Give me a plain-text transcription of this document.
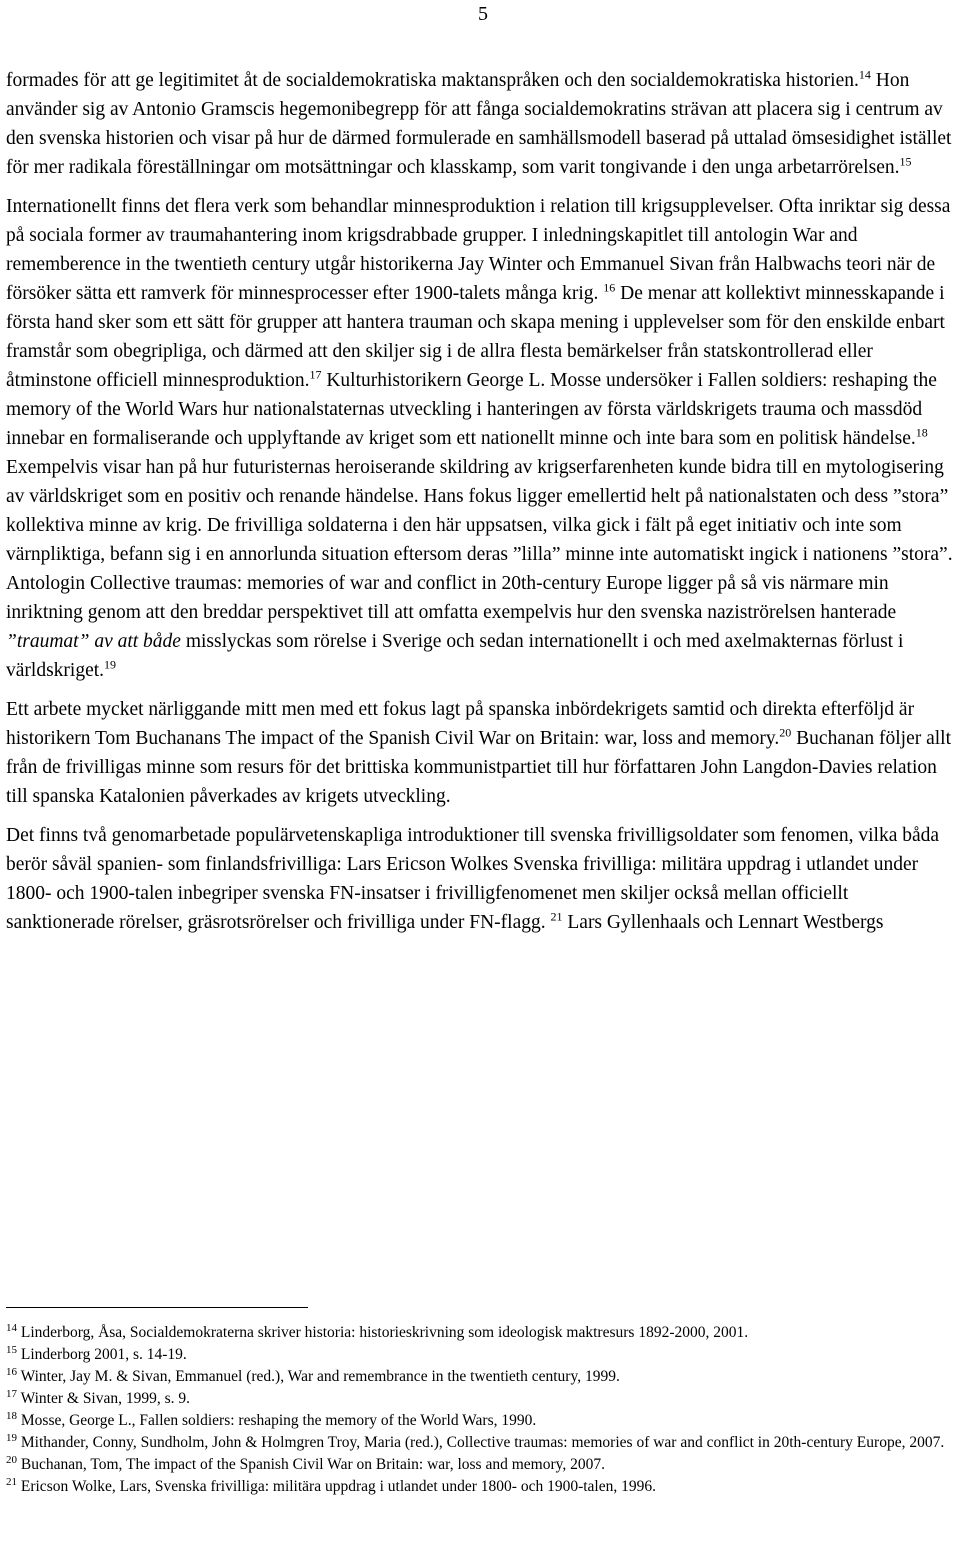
5
formades för att ge legitimitet åt de socialdemokratiska maktanspråken och den socialdemokratiska historien.$^{14}$ Hon använder sig av Antonio Gramscis hegemonibegrepp för att fånga socialdemokratins strävan att placera sig i centrum av den svenska historien och visar på hur de därmed formulerade en samhällsmodell baserad på uttalad ömsesidighet istället för mer radikala föreställningar om motsättningar och klasskamp, som varit tongivande i den unga arbetarrörelsen.$^{15}$
Internationellt finns det flera verk som behandlar minnesproduktion i relation till krigsupplevelser. Ofta inriktar sig dessa på sociala former av traumahantering inom krigsdrabbade grupper. I inledningskapitlet till antologin War and rememberence in the twentieth century utgår historikerna Jay Winter och Emmanuel Sivan från Halbwachs teori när de försöker sätta ett ramverk för minnesprocesser efter 1900-talets många krig. $^{16}$ De menar att kollektivt minnesskapande i första hand sker som ett sätt för grupper att hantera trauman och skapa mening i upplevelser som för den enskilde enbart framstår som obegripliga, och därmed att den skiljer sig i de allra flesta bemärkelser från statskontrollerad eller åtminstone officiell minnesproduktion.$^{17}$ Kulturhistorikern George L. Mosse undersöker i Fallen soldiers: reshaping the memory of the World Wars hur nationalstaternas utveckling i hanteringen av första världskrigets trauma och massdöd innebar en formaliserande och upplyftande av kriget som ett nationellt minne och inte bara som en politisk händelse.$^{18}$ Exempelvis visar han på hur futuristernas heroiserande skildring av krigserfarenheten kunde bidra till en mytologisering av världskriget som en positiv och renande händelse. Hans fokus ligger emellertid helt på nationalstaten och dess ”stora” kollektiva minne av krig. De frivilliga soldaterna i den här uppsatsen, vilka gick i fält på eget initiativ och inte som värnpliktiga, befann sig i en annorlunda situation eftersom deras ”lilla” minne inte automatiskt ingick i nationens ”stora”. Antologin Collective traumas: memories of war and conflict in 20th-century Europe ligger på så vis närmare min inriktning genom att den breddar perspektivet till att omfatta exempelvis hur den svenska naziströrelsen hanterade ”traumat” av att både misslyckas som rörelse i Sverige och sedan internationellt i och med axelmakternas förlust i världskriget.$^{19}$
Ett arbete mycket närliggande mitt men med ett fokus lagt på spanska inbördekrigets samtid och direkta efterföljd är historikern Tom Buchanans The impact of the Spanish Civil War on Britain: war, loss and memory.$^{20}$ Buchanan följer allt från de frivilligas minne som resurs för det brittiska kommunistpartiet till hur författaren John Langdon-Davies relation till spanska Katalonien påverkades av krigets utveckling.
Det finns två genomarbetade populärvetenskapliga introduktioner till svenska frivilligsoldater som fenomen, vilka båda berör såväl spanien- som finlandsfrivilliga: Lars Ericson Wolkes Svenska frivilliga: militära uppdrag i utlandet under 1800- och 1900-talen inbegriper svenska FN-insatser i frivilligfenomenet men skiljer också mellan officiellt sanktionerade rörelser, gräsrotsrörelser och frivilliga under FN-flagg. $^{21}$ Lars Gyllenhaals och Lennart Westbergs

$^{14}$ Linderborg, Åsa, Socialdemokraterna skriver historia: historieskrivning som ideologisk maktresurs 1892-2000, 2001.

$^{15}$ Linderborg 2001, s. 14-19.

$^{16}$ Winter, Jay M. & Sivan, Emmanuel (red.), War and remembrance in the twentieth century, 1999.

$^{17}$ Winter & Sivan, 1999, s. 9.

$^{18}$ Mosse, George L., Fallen soldiers: reshaping the memory of the World Wars, 1990.

$^{19}$ Mithander, Conny, Sundholm, John & Holmgren Troy, Maria (red.), Collective traumas: memories of war and conflict in 20th-century Europe, 2007.

$^{20}$ Buchanan, Tom, The impact of the Spanish Civil War on Britain: war, loss and memory, 2007.

$^{21}$ Ericson Wolke, Lars, Svenska frivilliga: militära uppdrag i utlandet under 1800- och 1900-talen, 1996.
